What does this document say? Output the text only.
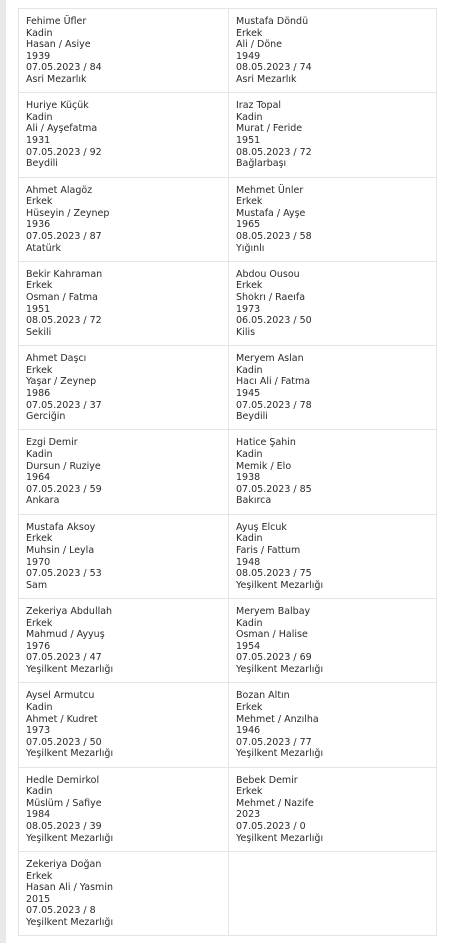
Fehime Üfler
Kadin
Hasan / Asiye
1939
07.05.2023 / 84
Asri Mezarlık
Mustafa Döndü
Erkek
Ali / Döne
1949
08.05.2023 / 74
Asri Mezarlık
Huriye Küçük
Kadin
Ali / Ayşefatma
1931
07.05.2023 / 92
Beydili
Iraz Topal
Kadin
Murat / Feride
1951
08.05.2023 / 72
Bağlarbaşı
Ahmet Alagöz
Erkek
Hüseyin / Zeynep
1936
07.05.2023 / 87
Atatürk
Mehmet Ünler
Erkek
Mustafa / Ayşe
1965
08.05.2023 / 58
Yığınlı
Bekir Kahraman
Erkek
Osman / Fatma
1951
08.05.2023 / 72
Sekili
Abdou Ousou
Erkek
Shokrı / Raeıfa
1973
06.05.2023 / 50
Kilis
Ahmet Daşcı
Erkek
Yaşar / Zeynep
1986
07.05.2023 / 37
Gerciğin
Meryem Aslan
Kadin
Hacı Ali / Fatma
1945
07.05.2023 / 78
Beydili
Ezgi Demir
Kadin
Dursun / Ruziye
1964
07.05.2023 / 59
Ankara
Hatice Şahin
Kadin
Memik / Elo
1938
07.05.2023 / 85
Bakırca
Mustafa Aksoy
Erkek
Muhsin / Leyla
1970
07.05.2023 / 53
Sam
Ayuş Elcuk
Kadin
Faris / Fattum
1948
08.05.2023 / 75
Yeşilkent Mezarlığı
Zekeriya Abdullah
Erkek
Mahmud / Ayyuş
1976
07.05.2023 / 47
Yeşilkent Mezarlığı
Meryem Balbay
Kadin
Osman / Halise
1954
07.05.2023 / 69
Yeşilkent Mezarlığı
Aysel Armutcu
Kadin
Ahmet / Kudret
1973
07.05.2023 / 50
Yeşilkent Mezarlığı
Bozan Altın
Erkek
Mehmet / Anzılha
1946
07.05.2023 / 77
Yeşilkent Mezarlığı
Hedle Demirkol
Kadin
Müslüm / Safiye
1984
08.05.2023 / 39
Yeşilkent Mezarlığı
Bebek Demir
Erkek
Mehmet / Nazife
2023
07.05.2023 / 0
Yeşilkent Mezarlığı
Zekeriya Doğan
Erkek
Hasan Ali / Yasmin
2015
07.05.2023 / 8
Yeşilkent Mezarlığı
